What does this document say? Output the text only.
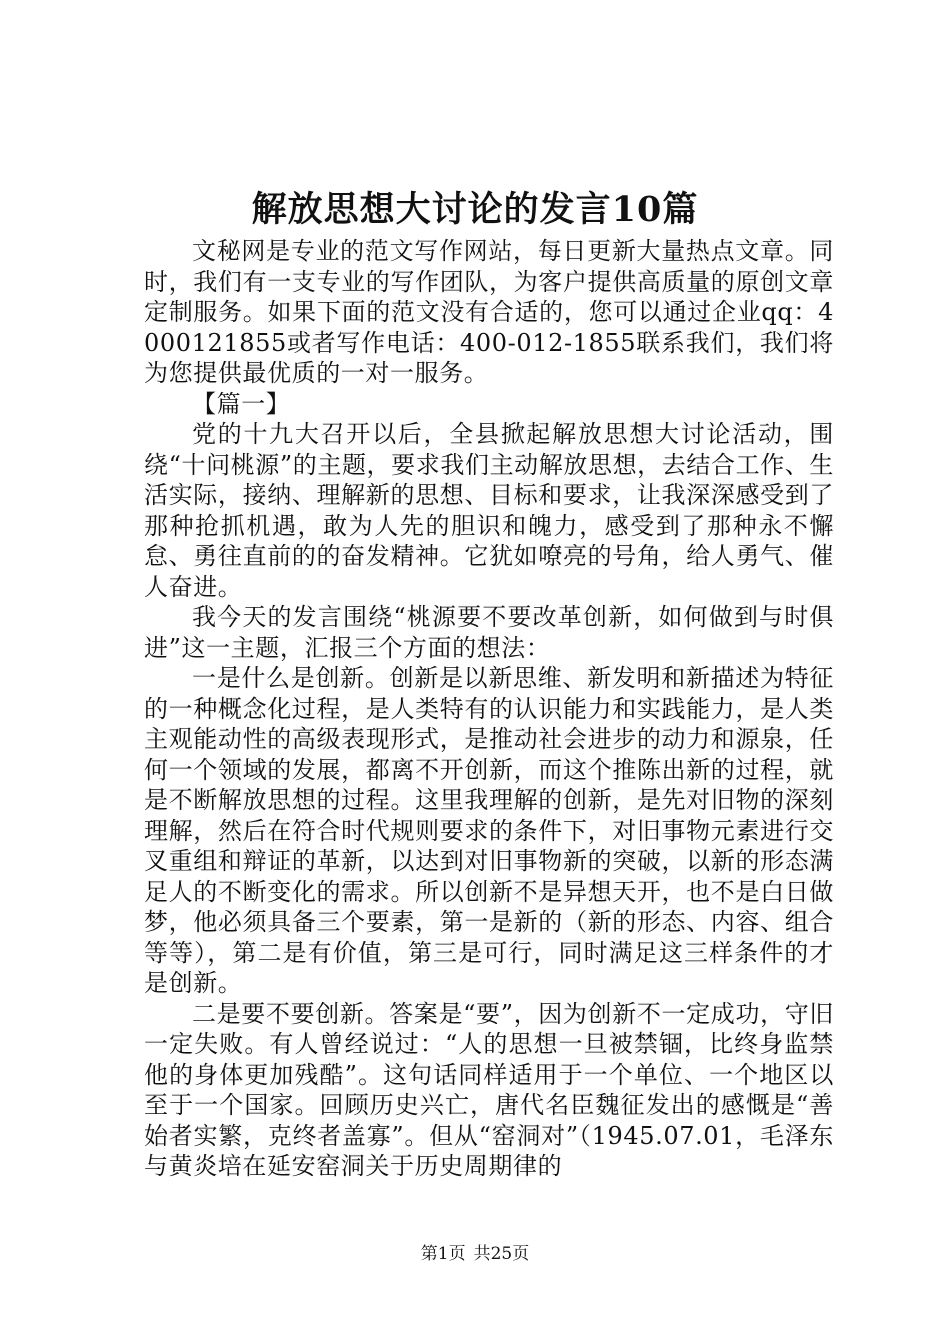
解放思想大讨论的发言10篇

文秘网是专业的范文写作网站，每日更新大量热点文章。同时，我们有一支专业的写作团队，为客户提供高质量的原创文章定制服务。如果下面的范文没有合适的，您可以通过企业qq：4000121855或者写作电话：400-012-1855联系我们，我们将为您提供最优质的一对一服务。

【篇一】

党的十九大召开以后，全县掀起解放思想大讨论活动，围绕“十问桃源”的主题，要求我们主动解放思想，去结合工作、生活实际，接纳、理解新的思想、目标和要求，让我深深感受到了那种抢抓机遇，敢为人先的胆识和魄力，感受到了那种永不懈怠、勇往直前的的奋发精神。它犹如嘹亮的号角，给人勇气、催人奋进。

我今天的发言围绕“桃源要不要改革创新，如何做到与时俱进”这一主题，汇报三个方面的想法：

一是什么是创新。创新是以新思维、新发明和新描述为特征的一种概念化过程，是人类特有的认识能力和实践能力，是人类主观能动性的高级表现形式，是推动社会进步的动力和源泉，任何一个领域的发展，都离不开创新，而这个推陈出新的过程，就是不断解放思想的过程。这里我理解的创新，是先对旧物的深刻理解，然后在符合时代规则要求的条件下，对旧事物元素进行交叉重组和辩证的革新，以达到对旧事物新的突破，以新的形态满足人的不断变化的需求。所以创新不是异想天开，也不是白日做梦，他必须具备三个要素，第一是新的（新的形态、内容、组合等等），第二是有价值，第三是可行，同时满足这三样条件的才是创新。

二是要不要创新。答案是“要”，因为创新不一定成功，守旧一定失败。有人曾经说过：“人的思想一旦被禁锢，比终身监禁他的身体更加残酷”。这句话同样适用于一个单位、一个地区以至于一个国家。回顾历史兴亡，唐代名臣魏征发出的感慨是“善始者实繁，克终者盖寡”。但从“窑洞对”（1945.07.01，毛泽东与黄炎培在延安窑洞关于历史周期律的

第1页 共25页
